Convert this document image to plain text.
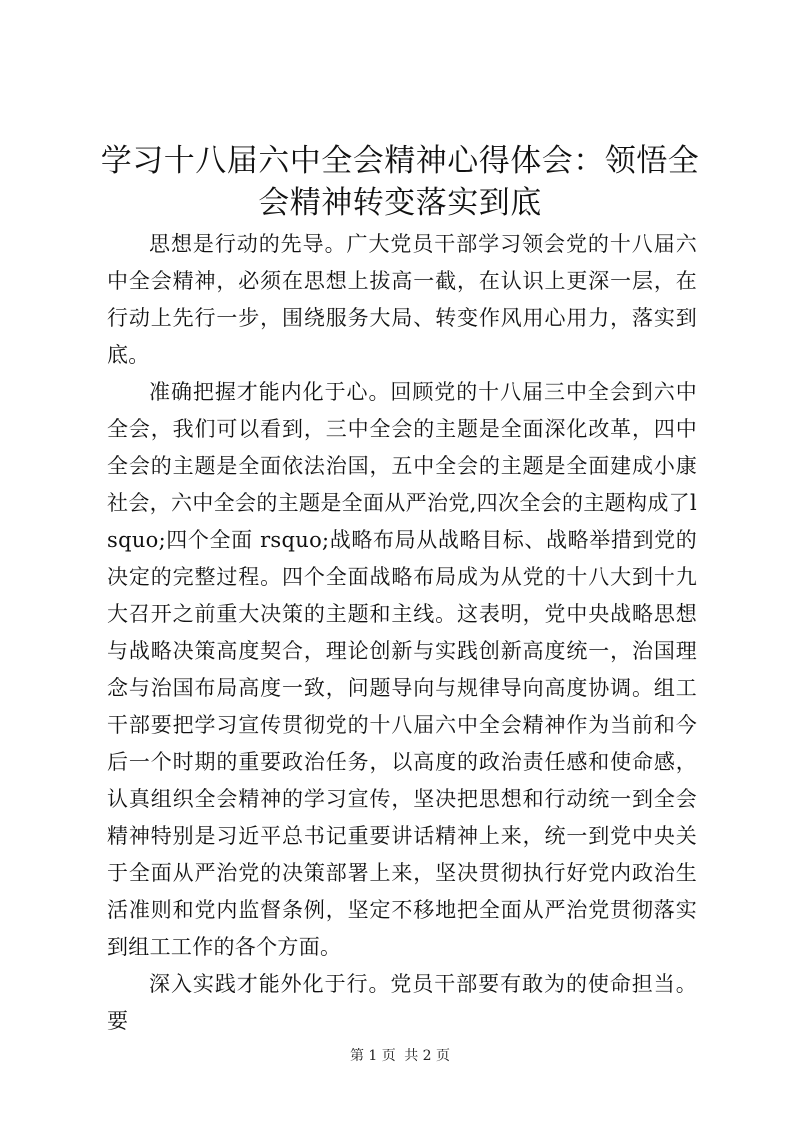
学习十八届六中全会精神心得体会：领悟全会精神转变落实到底

思想是行动的先导。广大党员干部学习领会党的十八届六中全会精神，必须在思想上拔高一截，在认识上更深一层，在行动上先行一步，围绕服务大局、转变作风用心用力，落实到底。

准确把握才能内化于心。回顾党的十八届三中全会到六中全会，我们可以看到，三中全会的主题是全面深化改革，四中全会的主题是全面依法治国，五中全会的主题是全面建成小康社会，六中全会的主题是全面从严治党,四次全会的主题构成了lsquo;四个全面 rsquo;战略布局从战略目标、战略举措到党的决定的完整过程。四个全面战略布局成为从党的十八大到十九大召开之前重大决策的主题和主线。这表明，党中央战略思想与战略决策高度契合，理论创新与实践创新高度统一，治国理念与治国布局高度一致，问题导向与规律导向高度协调。组工干部要把学习宣传贯彻党的十八届六中全会精神作为当前和今后一个时期的重要政治任务，以高度的政治责任感和使命感，认真组织全会精神的学习宣传，坚决把思想和行动统一到全会精神特别是习近平总书记重要讲话精神上来，统一到党中央关于全面从严治党的决策部署上来，坚决贯彻执行好党内政治生活准则和党内监督条例，坚定不移地把全面从严治党贯彻落实到组工工作的各个方面。

深入实践才能外化于行。党员干部要有敢为的使命担当。要

第 1 页 共 2 页
